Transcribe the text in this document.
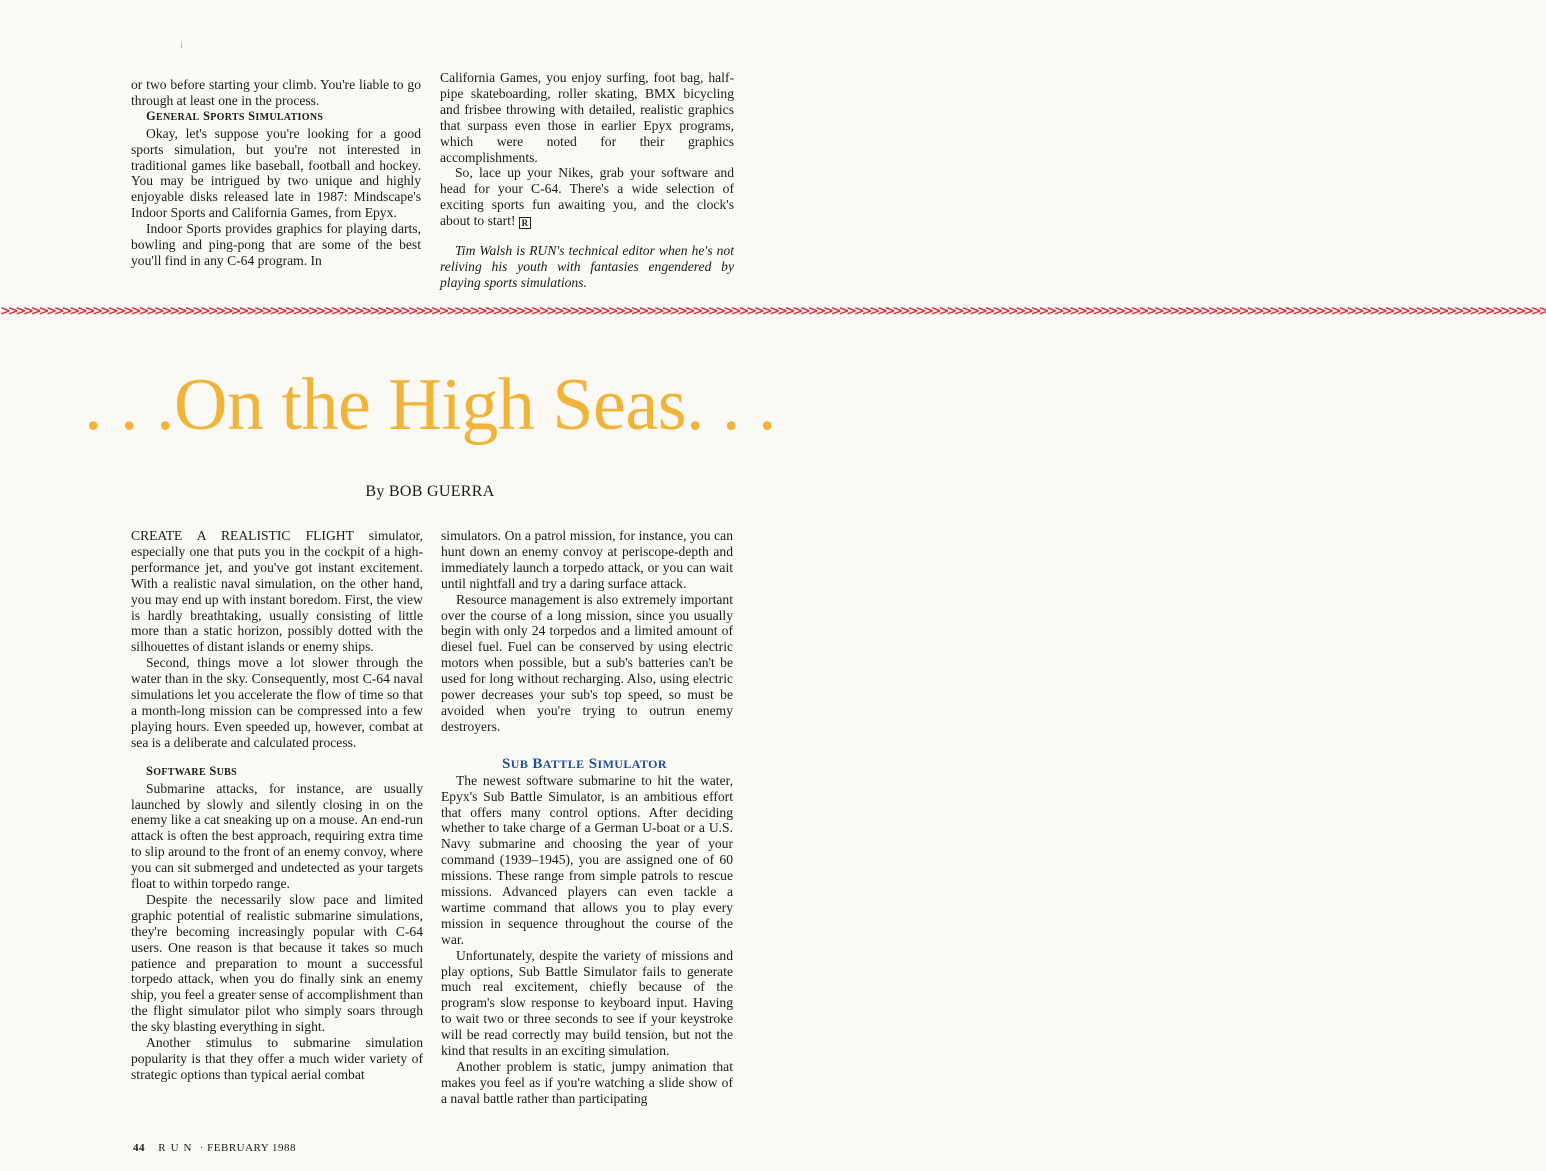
i

or two before starting your climb. You're liable to go through at least one in the process.

GENERAL SPORTS SIMULATIONS

Okay, let's suppose you're looking for a good sports simulation, but you're not interested in traditional games like baseball, football and hockey. You may be intrigued by two unique and highly enjoyable disks released late in 1987: Mindscape's Indoor Sports and California Games, from Epyx.

Indoor Sports provides graphics for playing darts, bowling and ping-pong that are some of the best you'll find in any C-64 program. In

California Games, you enjoy surfing, foot bag, half-pipe skateboarding, roller skating, BMX bicycling and frisbee throwing with detailed, realistic graphics that surpass even those in earlier Epyx programs, which were noted for their graphics accomplishments.

So, lace up your Nikes, grab your software and head for your C-64. There's a wide selection of exciting sports fun awaiting you, and the clock's about to start! R

Tim Walsh is RUN's technical editor when he's not reliving his youth with fantasies engendered by playing sports simulations.

>>>>>>>>>>>>>>>>>>>>>>>>>>>>>>>>>>>>>>>>>>>>>>>>>>>>>>>>>>>>>>>>>>>>>>>>>>>>>>>>>>>>>>>>>>>>>>>>>>>>>>>>>>>>>>>>>>>>>>>>>>>>>>>>>>>>>>>>>>>>>>>>>>>>>>>>>>>>>>>>>>>>>>>>>>>>>>>>>>>>>>>>>>>>>>>>>>>>>>>>>
. . .On the High Seas. . .
By BOB GUERRA

CREATE A REALISTIC FLIGHT simulator, especially one that puts you in the cockpit of a high-performance jet, and you've got instant excitement. With a realistic naval simulation, on the other hand, you may end up with instant boredom. First, the view is hardly breathtaking, usually consisting of little more than a static horizon, possibly dotted with the silhouettes of distant islands or enemy ships.

Second, things move a lot slower through the water than in the sky. Consequently, most C-64 naval simulations let you accelerate the flow of time so that a month-long mission can be compressed into a few playing hours. Even speeded up, however, combat at sea is a deliberate and calculated process.

SOFTWARE SUBS

Submarine attacks, for instance, are usually launched by slowly and silently closing in on the enemy like a cat sneaking up on a mouse. An end-run attack is often the best approach, requiring extra time to slip around to the front of an enemy convoy, where you can sit submerged and undetected as your targets float to within torpedo range.

Despite the necessarily slow pace and limited graphic potential of realistic submarine simulations, they're becoming increasingly popular with C-64 users. One reason is that because it takes so much patience and preparation to mount a successful torpedo attack, when you do finally sink an enemy ship, you feel a greater sense of accomplishment than the flight simulator pilot who simply soars through the sky blasting everything in sight.

Another stimulus to submarine simulation popularity is that they offer a much wider variety of strategic options than typical aerial combat

simulators. On a patrol mission, for instance, you can hunt down an enemy convoy at periscope-depth and immediately launch a torpedo attack, or you can wait until nightfall and try a daring surface attack.

Resource management is also extremely important over the course of a long mission, since you usually begin with only 24 torpedos and a limited amount of diesel fuel. Fuel can be conserved by using electric motors when possible, but a sub's batteries can't be used for long without recharging. Also, using electric power decreases your sub's top speed, so must be avoided when you're trying to outrun enemy destroyers.

SUB BATTLE SIMULATOR

The newest software submarine to hit the water, Epyx's Sub Battle Simulator, is an ambitious effort that offers many control options. After deciding whether to take charge of a German U-boat or a U.S. Navy submarine and choosing the year of your command (1939–1945), you are assigned one of 60 missions. These range from simple patrols to rescue missions. Advanced players can even tackle a wartime command that allows you to play every mission in sequence throughout the course of the war.

Unfortunately, despite the variety of missions and play options, Sub Battle Simulator fails to generate much real excitement, chiefly because of the program's slow response to keyboard input. Having to wait two or three seconds to see if your keystroke will be read correctly may build tension, but not the kind that results in an exciting simulation.

Another problem is static, jumpy animation that makes you feel as if you're watching a slide show of a naval battle rather than participating

44 RUN · FEBRUARY 1988
